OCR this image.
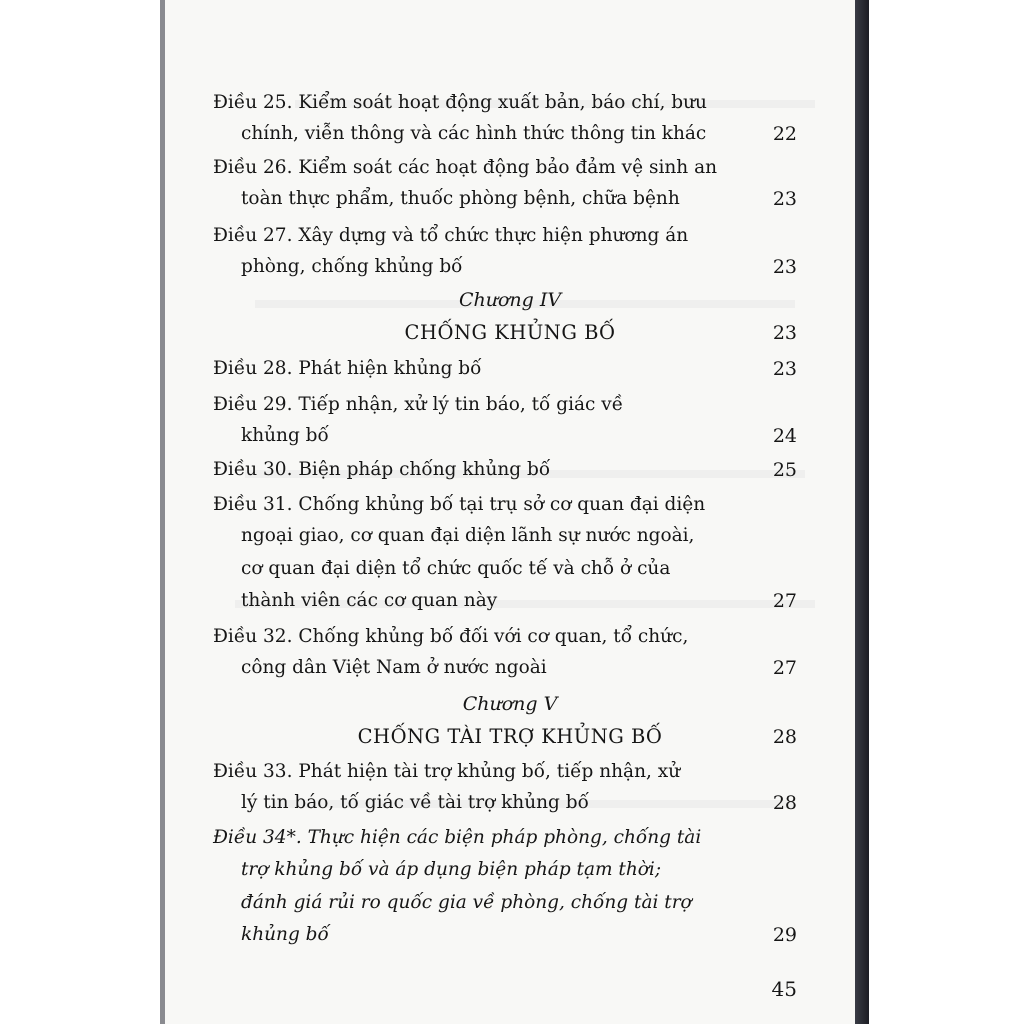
Điều 25. Kiểm soát hoạt động xuất bản, báo chí, bưu
chính, viễn thông và các hình thức thông tin khác	22
Điều 26. Kiểm soát các hoạt động bảo đảm vệ sinh an
toàn thực phẩm, thuốc phòng bệnh, chữa bệnh	23
Điều 27. Xây dựng và tổ chức thực hiện phương án
phòng, chống khủng bố	23
Chương IV
CHỐNG KHỦNG BỐ	23
Điều 28. Phát hiện khủng bố	23
Điều 29. Tiếp nhận, xử lý tin báo, tố giác về
khủng bố	24
Điều 30. Biện pháp chống khủng bố	25
Điều 31. Chống khủng bố tại trụ sở cơ quan đại diện
ngoại giao, cơ quan đại diện lãnh sự nước ngoài,
cơ quan đại diện tổ chức quốc tế và chỗ ở của
thành viên các cơ quan này	27
Điều 32. Chống khủng bố đối với cơ quan, tổ chức,
công dân Việt Nam ở nước ngoài	27
Chương V
CHỐNG TÀI TRỢ KHỦNG BỐ	28
Điều 33. Phát hiện tài trợ khủng bố, tiếp nhận, xử
lý tin báo, tố giác về tài trợ khủng bố	28
Điều 34*. Thực hiện các biện pháp phòng, chống tài
trợ khủng bố và áp dụng biện pháp tạm thời;
đánh giá rủi ro quốc gia về phòng, chống tài trợ
khủng bố	29
45
